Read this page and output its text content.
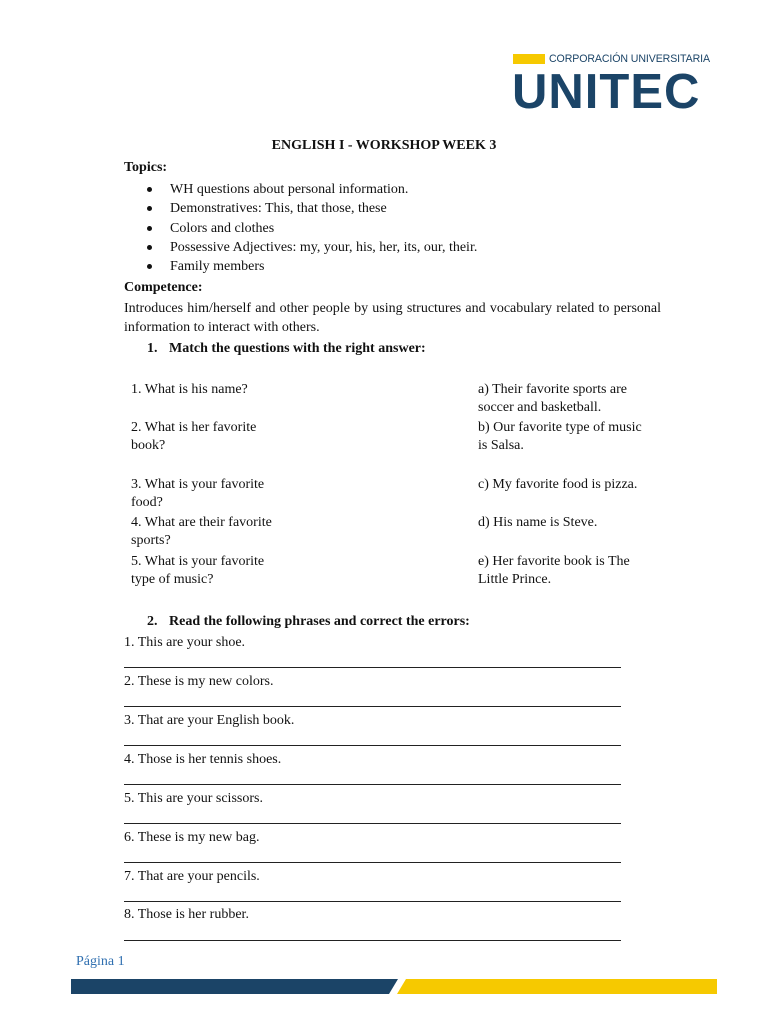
CORPORACIÓN UNIVERSITARIA
UNITEC
ENGLISH I - WORKSHOP WEEK 3
Topics:
WH questions about personal information.
Demonstratives: This, that those, these
Colors and clothes
Possessive Adjectives: my, your, his, her, its, our, their.
Family members
Competence:
Introduces him/herself and other people by using structures and vocabulary related to personal information to interact with others.
1. Match the questions with the right answer:
1. What is his name?
2. What is her favorite
book?
3. What is your favorite
food?
4. What are their favorite
sports?
5. What is your favorite
type of music?
a) Their favorite sports are
soccer and basketball.
b) Our favorite type of music
is Salsa.
c) My favorite food is pizza.
d) His name is Steve.
e) Her favorite book is The
Little Prince.
2. Read the following phrases and correct the errors:
1. This are your shoe.
2. These is my new colors.
3. That are your English book.
4. Those is her tennis shoes.
5. This are your scissors.
6. These is my new bag.
7. That are your pencils.
8. Those is her rubber.
Página 1
